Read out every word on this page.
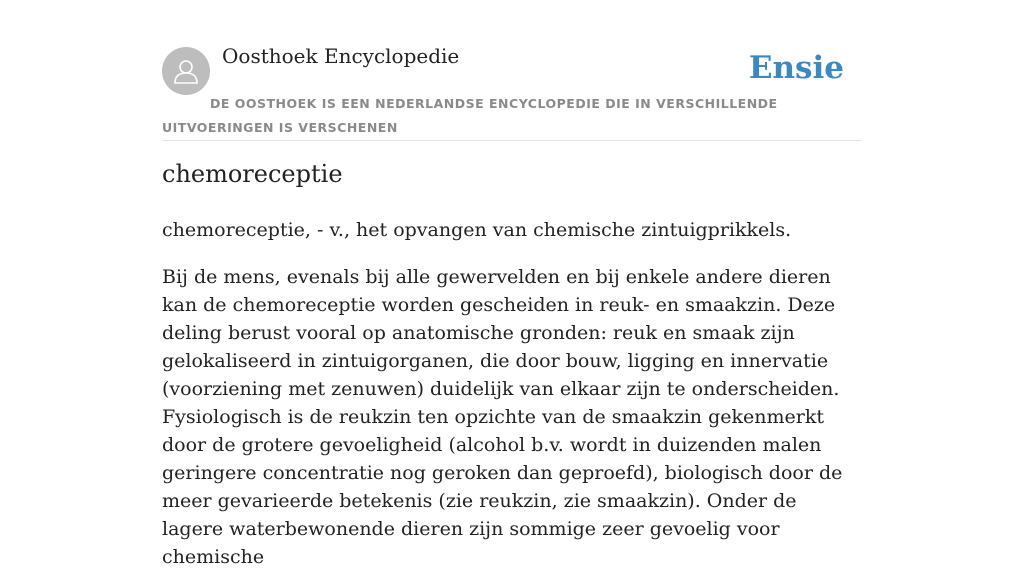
Oosthoek Encyclopedie	Ensie
DE OOSTHOEK IS EEN NEDERLANDSE ENCYCLOPEDIE DIE IN VERSCHILLENDE UITVOERINGEN IS VERSCHENEN
chemoreceptie

chemoreceptie, - v., het opvangen van chemische zintuigprikkels.

Bij de mens, evenals bij alle gewervelden en bij enkele andere dieren kan de chemoreceptie worden gescheiden in reuk- en smaakzin. Deze deling berust vooral op anatomische gronden: reuk en smaak zijn gelokaliseerd in zintuigorganen, die door bouw, ligging en innervatie (voorziening met zenuwen) duidelijk van elkaar zijn te onderscheiden. Fysiologisch is de reukzin ten opzichte van de smaakzin gekenmerkt door de grotere gevoeligheid (alcohol b.v. wordt in duizenden malen geringere concentratie nog geroken dan geproefd), biologisch door de meer gevarieerde betekenis (zie reukzin, zie smaakzin). Onder de lagere waterbewonende dieren zijn sommige zeer gevoelig voor chemische
